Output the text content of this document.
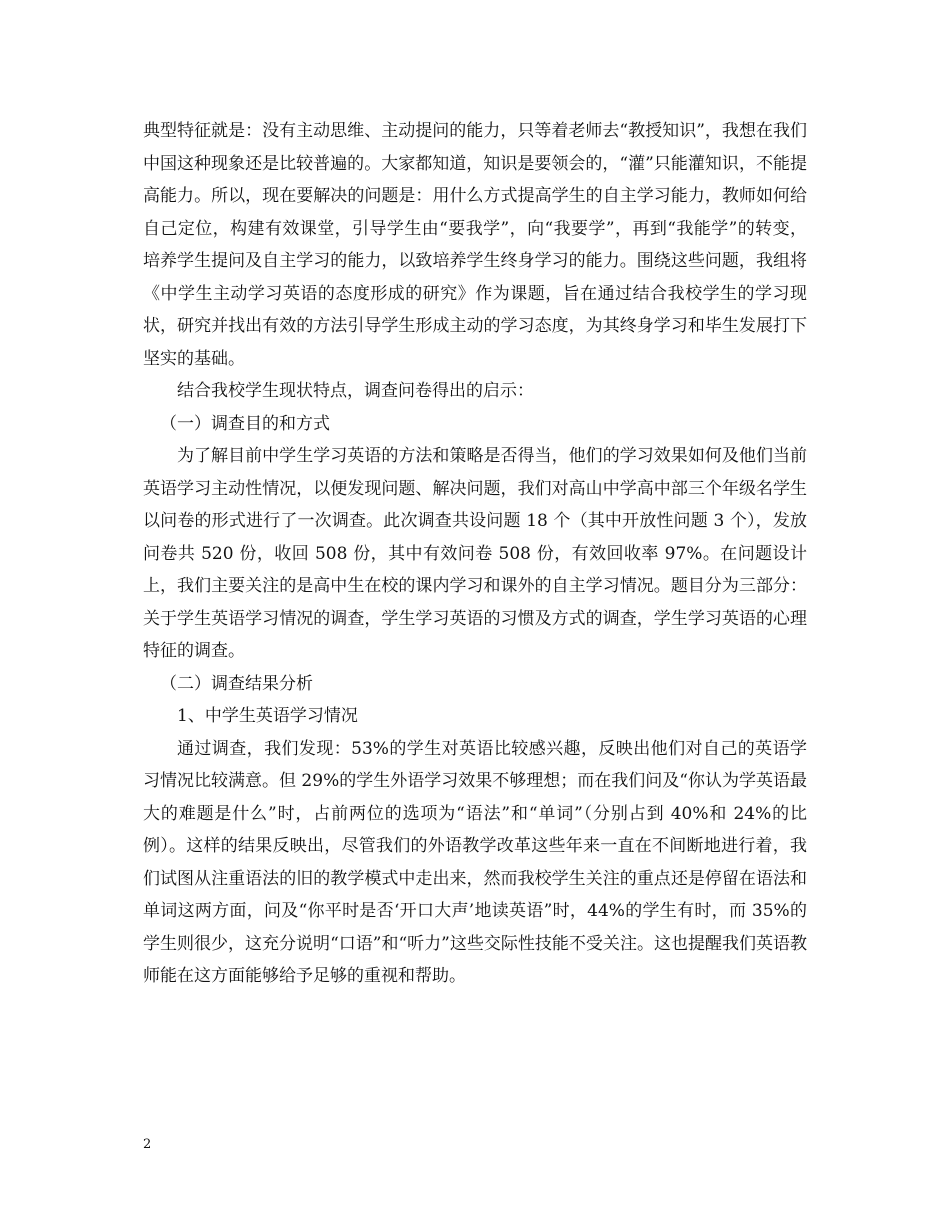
典型特征就是：没有主动思维、主动提问的能力，只等着老师去“教授知识”，我想在我们中国这种现象还是比较普遍的。大家都知道，知识是要领会的，“灌”只能灌知识，不能提高能力。所以，现在要解决的问题是：用什么方式提高学生的自主学习能力，教师如何给自己定位，构建有效课堂，引导学生由“要我学”，向“我要学”，再到“我能学”的转变，培养学生提问及自主学习的能力，以致培养学生终身学习的能力。围绕这些问题，我组将《中学生主动学习英语的态度形成的研究》作为课题，旨在通过结合我校学生的学习现状，研究并找出有效的方法引导学生形成主动的学习态度，为其终身学习和毕生发展打下坚实的基础。

结合我校学生现状特点，调查问卷得出的启示：

（一）调查目的和方式

为了解目前中学生学习英语的方法和策略是否得当，他们的学习效果如何及他们当前英语学习主动性情况，以便发现问题、解决问题，我们对高山中学高中部三个年级名学生以问卷的形式进行了一次调查。此次调查共设问题 18 个（其中开放性问题 3 个），发放问卷共 520 份，收回 508 份，其中有效问卷 508 份，有效回收率 97%。在问题设计上，我们主要关注的是高中生在校的课内学习和课外的自主学习情况。题目分为三部分：关于学生英语学习情况的调查，学生学习英语的习惯及方式的调查，学生学习英语的心理特征的调查。

（二）调查结果分析

1、中学生英语学习情况

通过调查，我们发现：53%的学生对英语比较感兴趣，反映出他们对自己的英语学习情况比较满意。但 29%的学生外语学习效果不够理想；而在我们问及“你认为学英语最大的难题是什么”时，占前两位的选项为“语法”和“单词”（分别占到 40%和 24%的比例）。这样的结果反映出，尽管我们的外语教学改革这些年来一直在不间断地进行着，我们试图从注重语法的旧的教学模式中走出来，然而我校学生关注的重点还是停留在语法和单词这两方面，问及“你平时是否‘开口大声’地读英语”时，44%的学生有时，而 35%的学生则很少，这充分说明“口语”和“听力”这些交际性技能不受关注。这也提醒我们英语教师能在这方面能够给予足够的重视和帮助。

2
